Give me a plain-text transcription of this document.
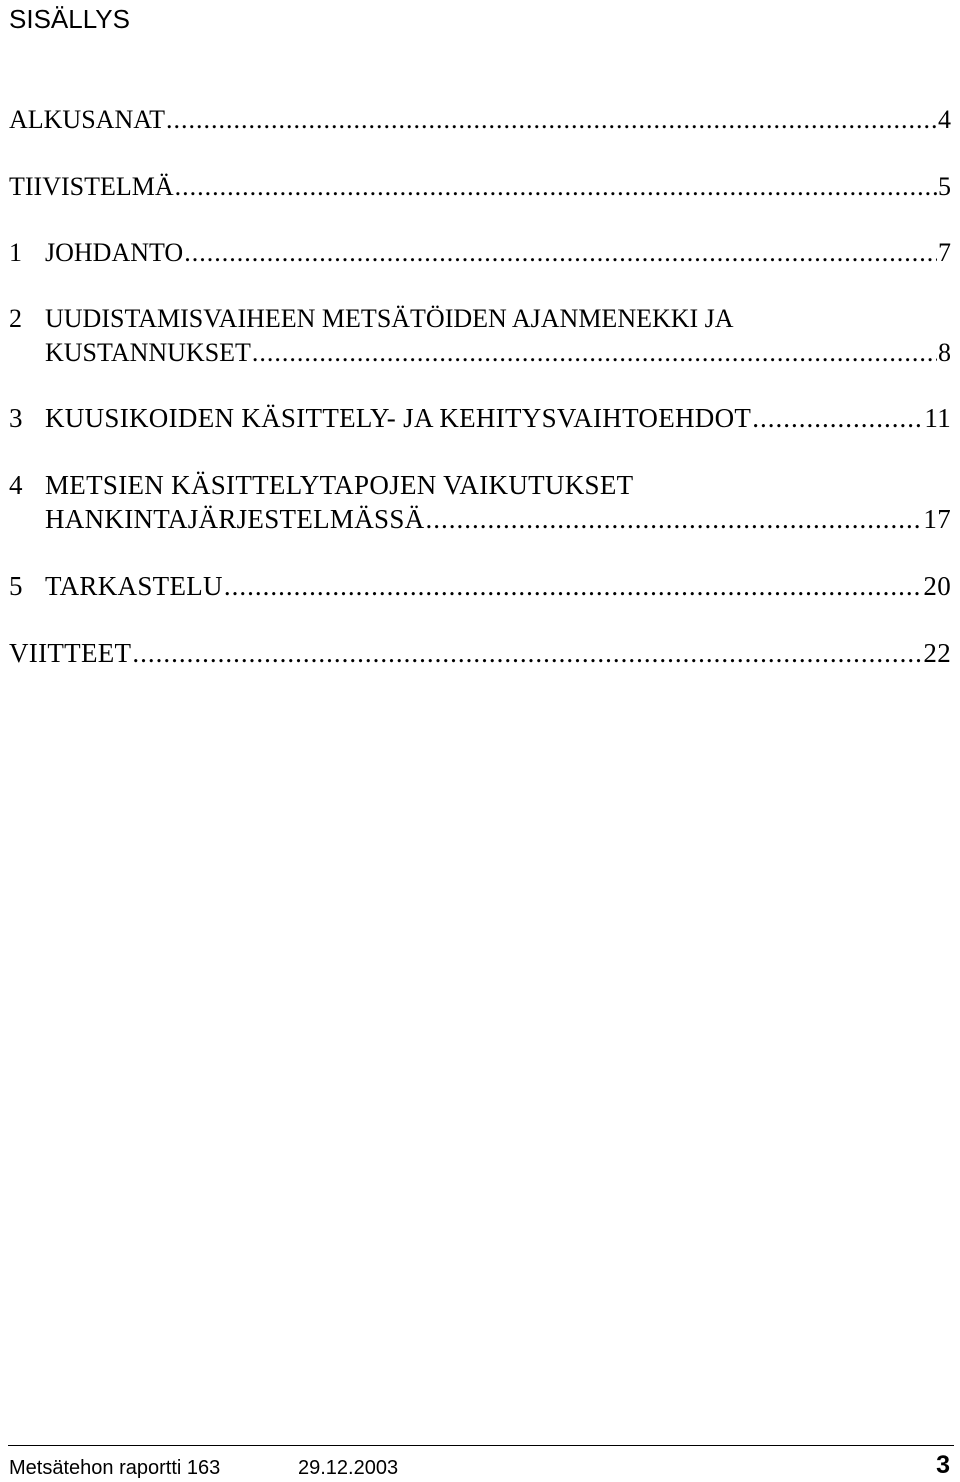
SISÄLLYS
ALKUSANAT .....	4
TIIVISTELMÄ .....	5
1 JOHDANTO .....	7
2 UUDISTAMISVAIHEEN METSÄTÖIDEN AJANMENEKKI JA
KUSTANNUKSET .....	8
3 KUUSIKOIDEN KÄSITTELY- JA KEHITYSVAIHTOEHDOT .....	11
4 METSIEN KÄSITTELYTAPOJEN VAIKUTUKSET
HANKINTAJÄRJESTELMÄSSÄ .....	17
5 TARKASTELU .....	20
VIITTEET .....	22
Metsätehon raportti 163	29.12.2003	3
